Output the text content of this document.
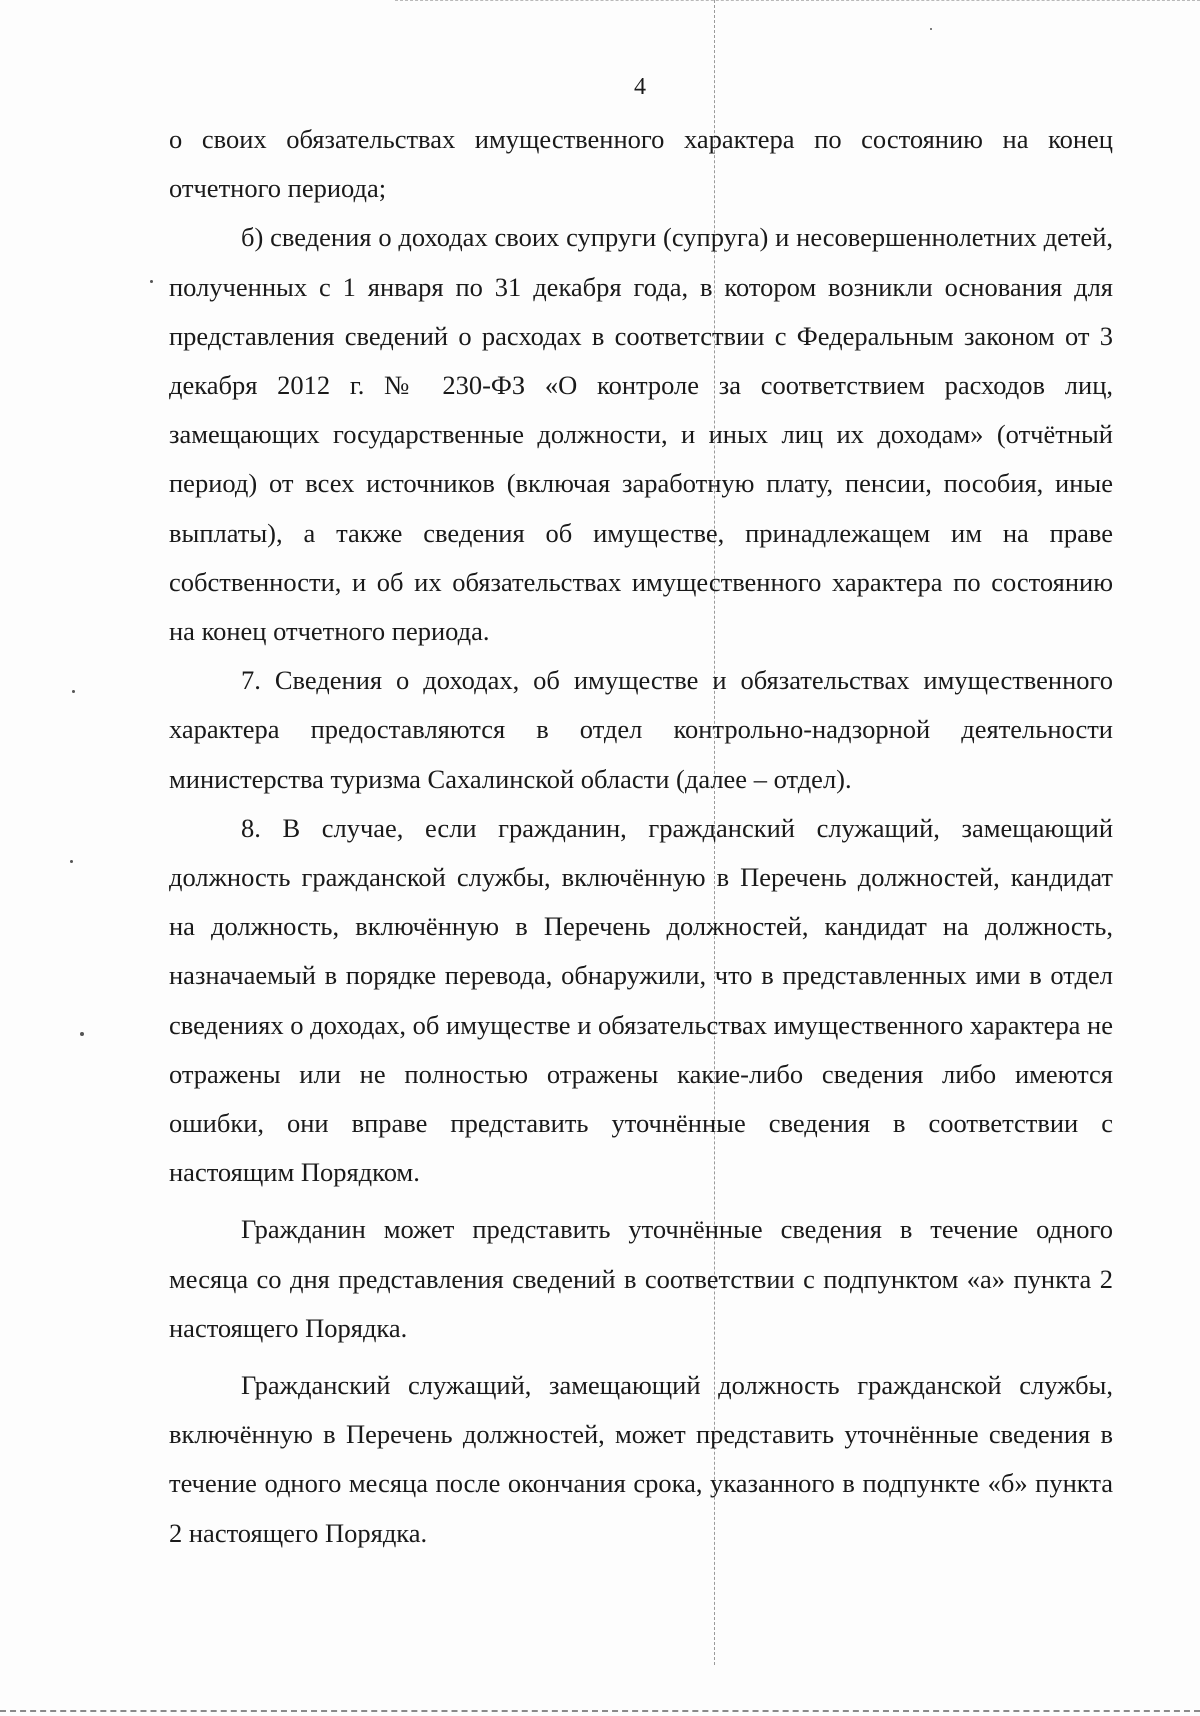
4

о своих обязательствах имущественного характера по состоянию на конец отчетного периода;

б) сведения о доходах своих супруги (супруга) и несовершеннолетних детей, полученных с 1 января по 31 декабря года, в котором возникли основания для представления сведений о расходах в соответствии с Федеральным законом от 3 декабря 2012 г. № 230-ФЗ «О контроле за соответствием расходов лиц, замещающих государственные должности, и иных лиц их доходам» (отчётный период) от всех источников (включая заработную плату, пенсии, пособия, иные выплаты), а также сведения об имуществе, принадлежащем им на праве собственности, и об их обязательствах имущественного характера по состоянию на конец отчетного периода.

7. Сведения о доходах, об имуществе и обязательствах имущественного характера предоставляются в отдел контрольно-надзорной деятельности министерства туризма Сахалинской области (далее – отдел).

8. В случае, если гражданин, гражданский служащий, замещающий должность гражданской службы, включённую в Перечень должностей, кандидат на должность, включённую в Перечень должностей, кандидат на должность, назначаемый в порядке перевода, обнаружили, что в представленных ими в отдел сведениях о доходах, об имуществе и обязательствах имущественного характера не отражены или не полностью отражены какие-либо сведения либо имеются ошибки, они вправе представить уточнённые сведения в соответствии с настоящим Порядком.

Гражданин может представить уточнённые сведения в течение одного месяца со дня представления сведений в соответствии с подпунктом «а» пункта 2 настоящего Порядка.

Гражданский служащий, замещающий должность гражданской службы, включённую в Перечень должностей, может представить уточнённые сведения в течение одного месяца после окончания срока, указанного в подпункте «б» пункта 2 настоящего Порядка.
